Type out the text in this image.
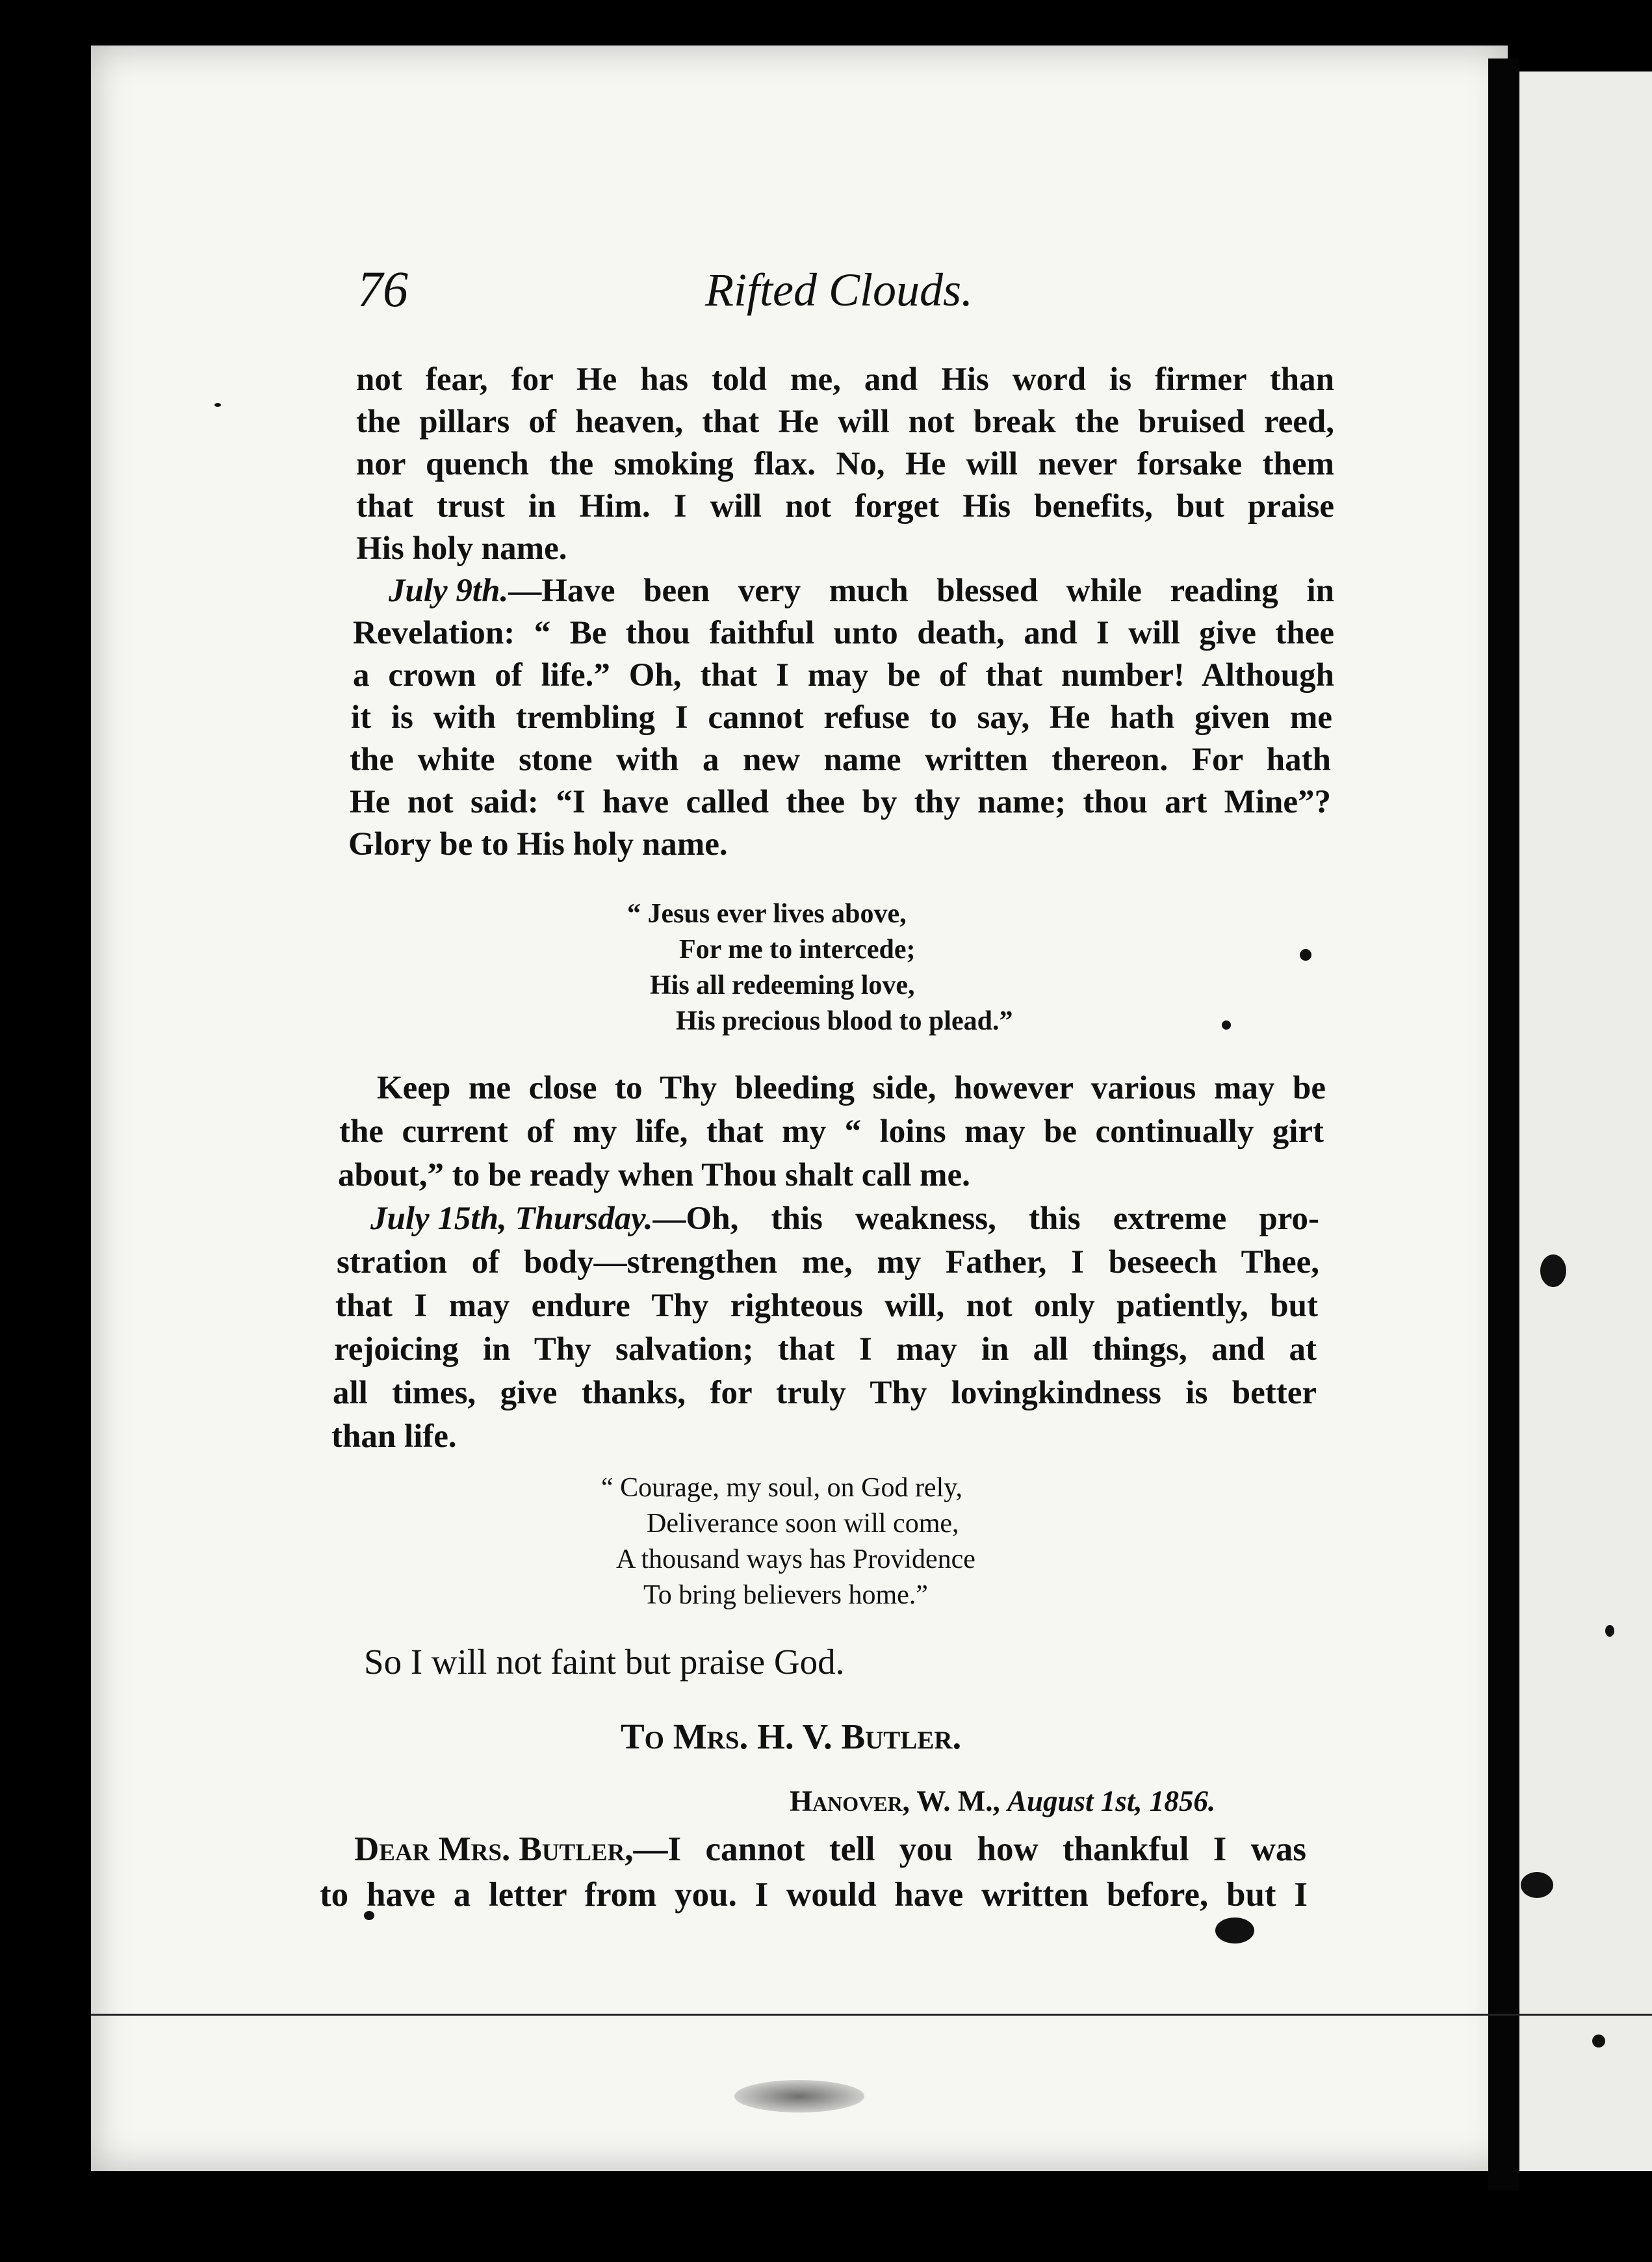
76	Rifted Clouds.
not fear, for He has told me, and His word is firmer than
the pillars of heaven, that He will not break the bruised reed,
nor quench the smoking flax. No, He will never forsake them
that trust in Him. I will not forget His benefits, but praise
His holy name.
July 9th. —Have been very much blessed while reading in
Revelation: “ Be thou faithful unto death, and I will give thee
a crown of life.” Oh, that I may be of that number! Although
it is with trembling I cannot refuse to say, He hath given me
the white stone with a new name written thereon. For hath
He not said: “I have called thee by thy name; thou art Mine”?
Glory be to His holy name.
“ Jesus ever lives above,
For me to intercede;
His all redeeming love,
His precious blood to plead.”
Keep me close to Thy bleeding side, however various may be
the current of my life, that my “ loins may be continually girt
about,” to be ready when Thou shalt call me.
July 15th, Thursday. —Oh, this weakness, this extreme pro-
stration of body—strengthen me, my Father, I beseech Thee,
that I may endure Thy righteous will, not only patiently, but
rejoicing in Thy salvation; that I may in all things, and at
all times, give thanks, for truly Thy lovingkindness is better
than life.
“ Courage, my soul, on God rely,
Deliverance soon will come,
A thousand ways has Providence
To bring believers home.”
So I will not faint but praise God.
To Mrs. H. V. Butler.
Hanover, W. M., August 1st, 1856.
Dear Mrs. Butler, —I cannot tell you how thankful I was
to have a letter from you. I would have written before, but I
